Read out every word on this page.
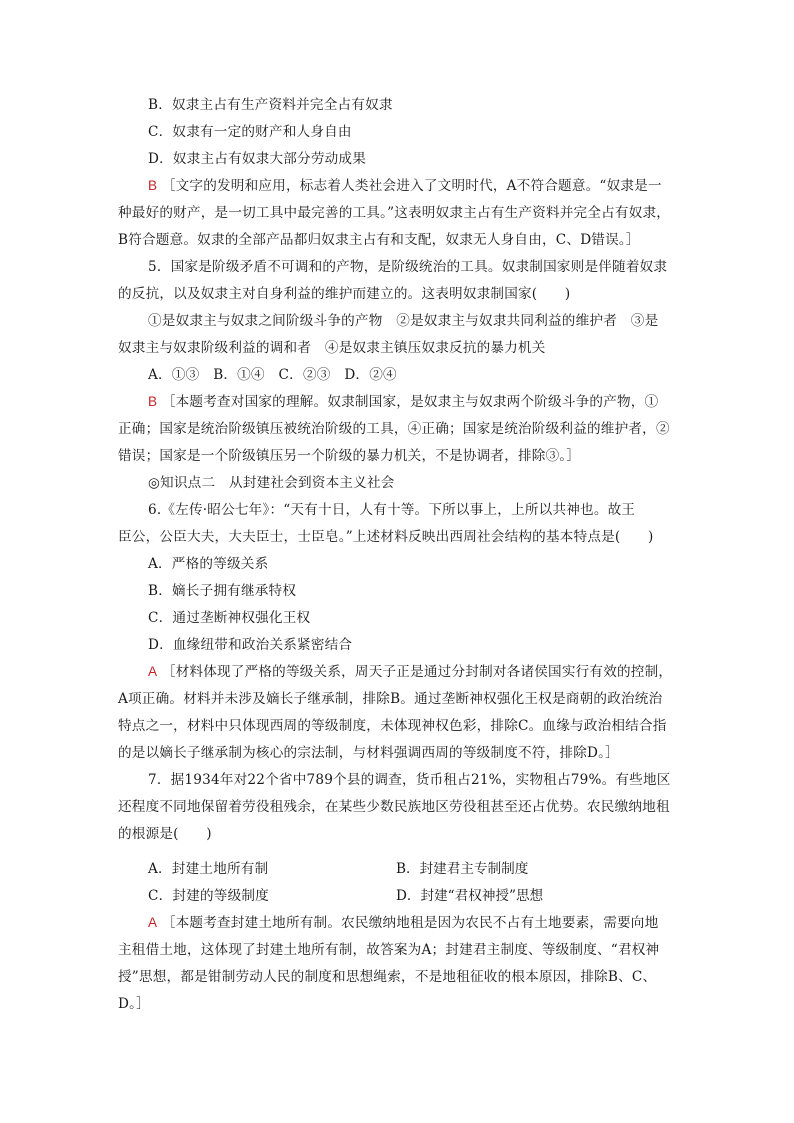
B．奴隶主占有生产资料并完全占有奴隶
C．奴隶有一定的财产和人身自由
D．奴隶主占有奴隶大部分劳动成果
B ［文字的发明和应用，标志着人类社会进入了文明时代，A不符合题意。“奴隶是一
种最好的财产，是一切工具中最完善的工具。”这表明奴隶主占有生产资料并完全占有奴隶，
B符合题意。奴隶的全部产品都归奴隶主占有和支配，奴隶无人身自由，C、D错误。］
5．国家是阶级矛盾不可调和的产物，是阶级统治的工具。奴隶制国家则是伴随着奴隶
的反抗，以及奴隶主对自身利益的维护而建立的。这表明奴隶制国家(　　)
①是奴隶主与奴隶之间阶级斗争的产物　②是奴隶主与奴隶共同利益的维护者　③是
奴隶主与奴隶阶级利益的调和者　④是奴隶主镇压奴隶反抗的暴力机关
A．①③　B．①④　C．②③　D．②④
B ［本题考查对国家的理解。奴隶制国家，是奴隶主与奴隶两个阶级斗争的产物，①
正确；国家是统治阶级镇压被统治阶级的工具，④正确；国家是统治阶级利益的维护者，②
错误；国家是一个阶级镇压另一个阶级的暴力机关，不是协调者，排除③。］
◎知识点二　从封建社会到资本主义社会
6.《左传·昭公七年》：“天有十日，人有十等。下所以事上，上所以共神也。故王
臣公，公臣大夫，大夫臣士，士臣皂。”上述材料反映出西周社会结构的基本特点是(　　)
A．严格的等级关系
B．嫡长子拥有继承特权
C．通过垄断神权强化王权
D．血缘纽带和政治关系紧密结合
A ［材料体现了严格的等级关系，周天子正是通过分封制对各诸侯国实行有效的控制，
A项正确。材料并未涉及嫡长子继承制，排除B。通过垄断神权强化王权是商朝的政治统治
特点之一，材料中只体现西周的等级制度，未体现神权色彩，排除C。血缘与政治相结合指
的是以嫡长子继承制为核心的宗法制，与材料强调西周的等级制度不符，排除D。］
7．据1934年对22个省中789个县的调查，货币租占21%，实物租占79%。有些地区
还程度不同地保留着劳役租残余，在某些少数民族地区劳役租甚至还占优势。农民缴纳地租
的根源是(　　)
A．封建土地所有制	B．封建君主专制制度
C．封建的等级制度	D．封建“君权神授”思想
A ［本题考查封建土地所有制。农民缴纳地租是因为农民不占有土地要素，需要向地
主租借土地，这体现了封建土地所有制，故答案为A；封建君主制度、等级制度、“君权神
授”思想，都是钳制劳动人民的制度和思想绳索，不是地租征收的根本原因，排除B、C、
D。］
